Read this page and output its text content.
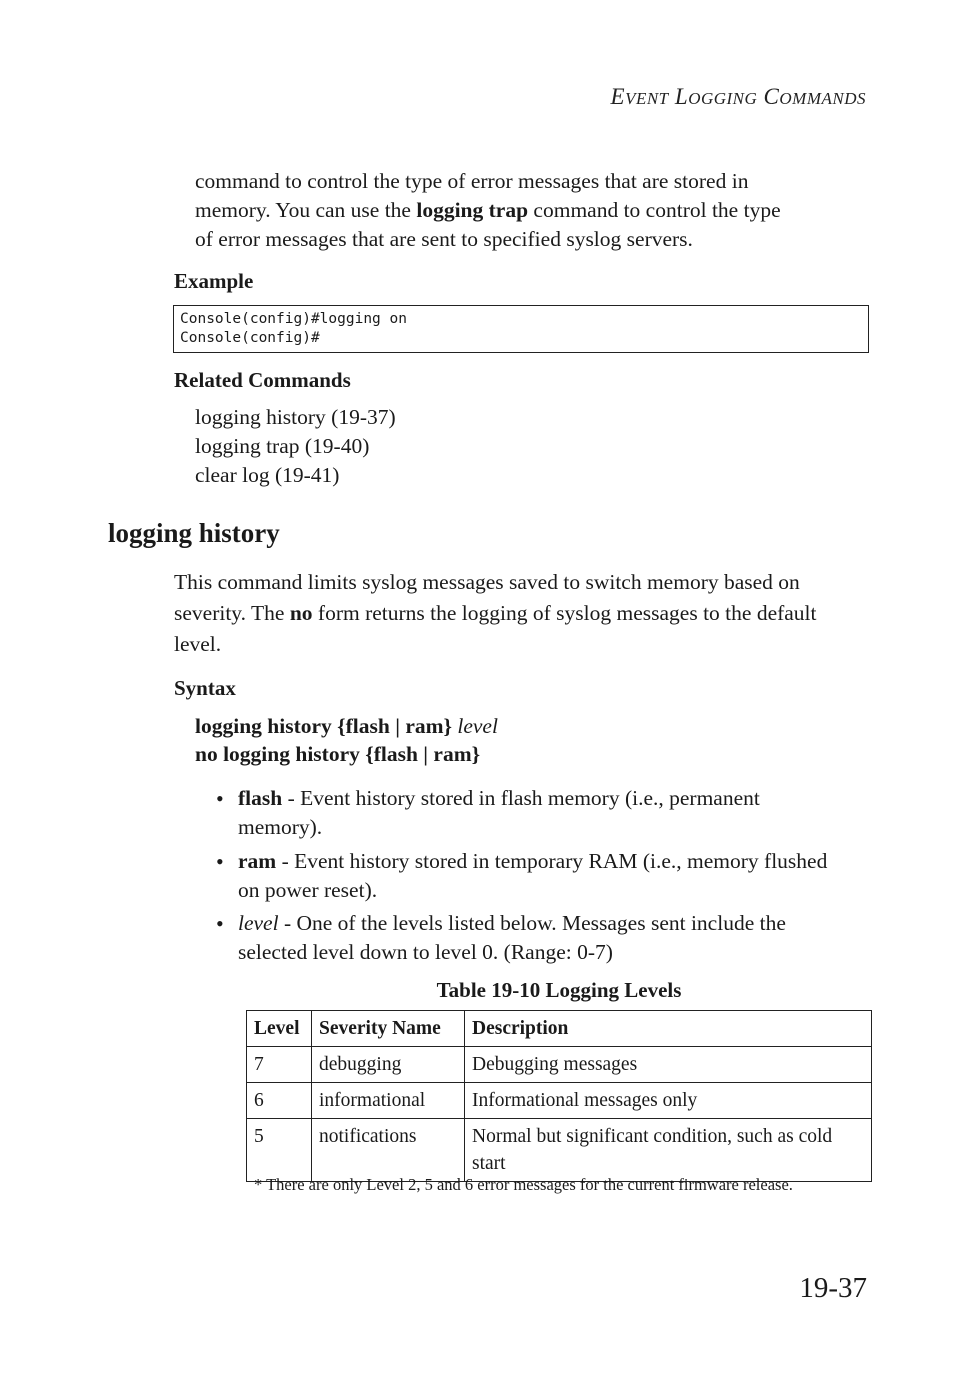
EVENT LOGGING COMMANDS
command to control the type of error messages that are stored in
memory. You can use the logging trap command to control the type
of error messages that are sent to specified syslog servers.
Example
Console(config)#logging on
Console(config)#
Related Commands
logging history (19-37)
logging trap (19-40)
clear log (19-41)
logging history
This command limits syslog messages saved to switch memory based on
severity. The no form returns the logging of syslog messages to the default
level.
Syntax
logging history {flash | ram} level
no logging history {flash | ram}
• flash - Event history stored in flash memory (i.e., permanent
memory).
• ram - Event history stored in temporary RAM (i.e., memory flushed
on power reset).
• level - One of the levels listed below. Messages sent include the
selected level down to level 0. (Range: 0-7)
Table 19-10 Logging Levels
Level	Severity Name	Description
7	debugging	Debugging messages
6	informational	Informational messages only
5	notifications	Normal but significant condition, such as cold start
* There are only Level 2, 5 and 6 error messages for the current firmware release.
19-37
